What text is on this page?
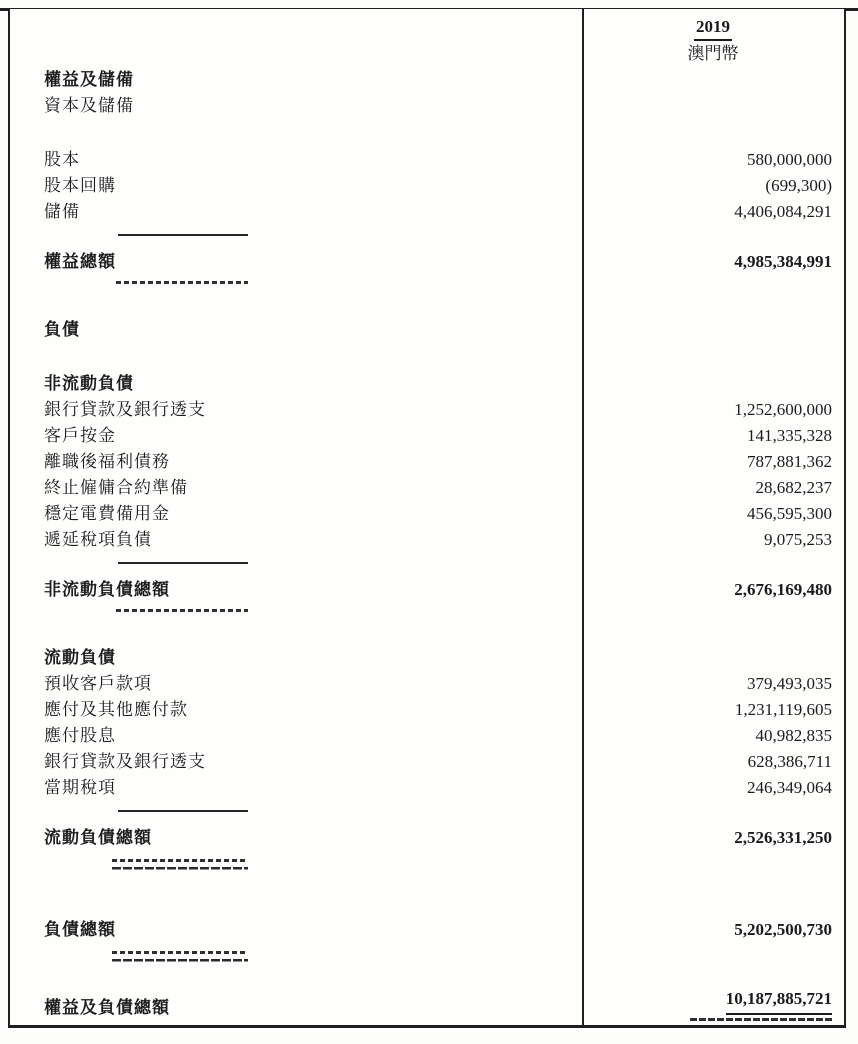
2019
澳門幣
權益及儲備
資本及儲備
股本	580,000,000
股本回購	(699,300)
儲備	4,406,084,291
權益總額	4,985,384,991
負債
非流動負債
銀行貸款及銀行透支	1,252,600,000
客戶按金	141,335,328
離職後福利債務	787,881,362
終止僱傭合約準備	28,682,237
穩定電費備用金	456,595,300
遞延稅項負債	9,075,253
非流動負債總額	2,676,169,480
流動負債
預收客戶款項	379,493,035
應付及其他應付款	1,231,119,605
應付股息	40,982,835
銀行貸款及銀行透支	628,386,711
當期稅項	246,349,064
流動負債總額	2,526,331,250
負債總額	5,202,500,730
權益及負債總額	10,187,885,721
